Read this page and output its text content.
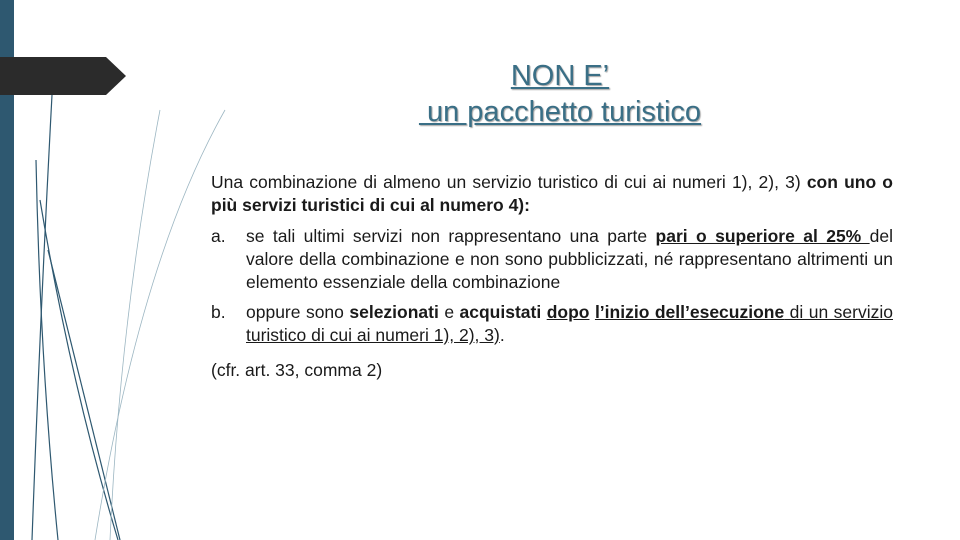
NON E’
un pacchetto turistico

Una combinazione di almeno un servizio turistico di cui ai numeri 1), 2), 3) con uno o più servizi turistici di cui al numero 4):

a. se tali ultimi servizi non rappresentano una parte pari o superiore al 25% del valore della combinazione e non sono pubblicizzati, né rappresentano altrimenti un elemento essenziale della combinazione
b. oppure sono selezionati e acquistati dopo l’inizio dell’esecuzione di un servizio turistico di cui ai numeri 1), 2), 3).
(cfr. art. 33, comma 2)
